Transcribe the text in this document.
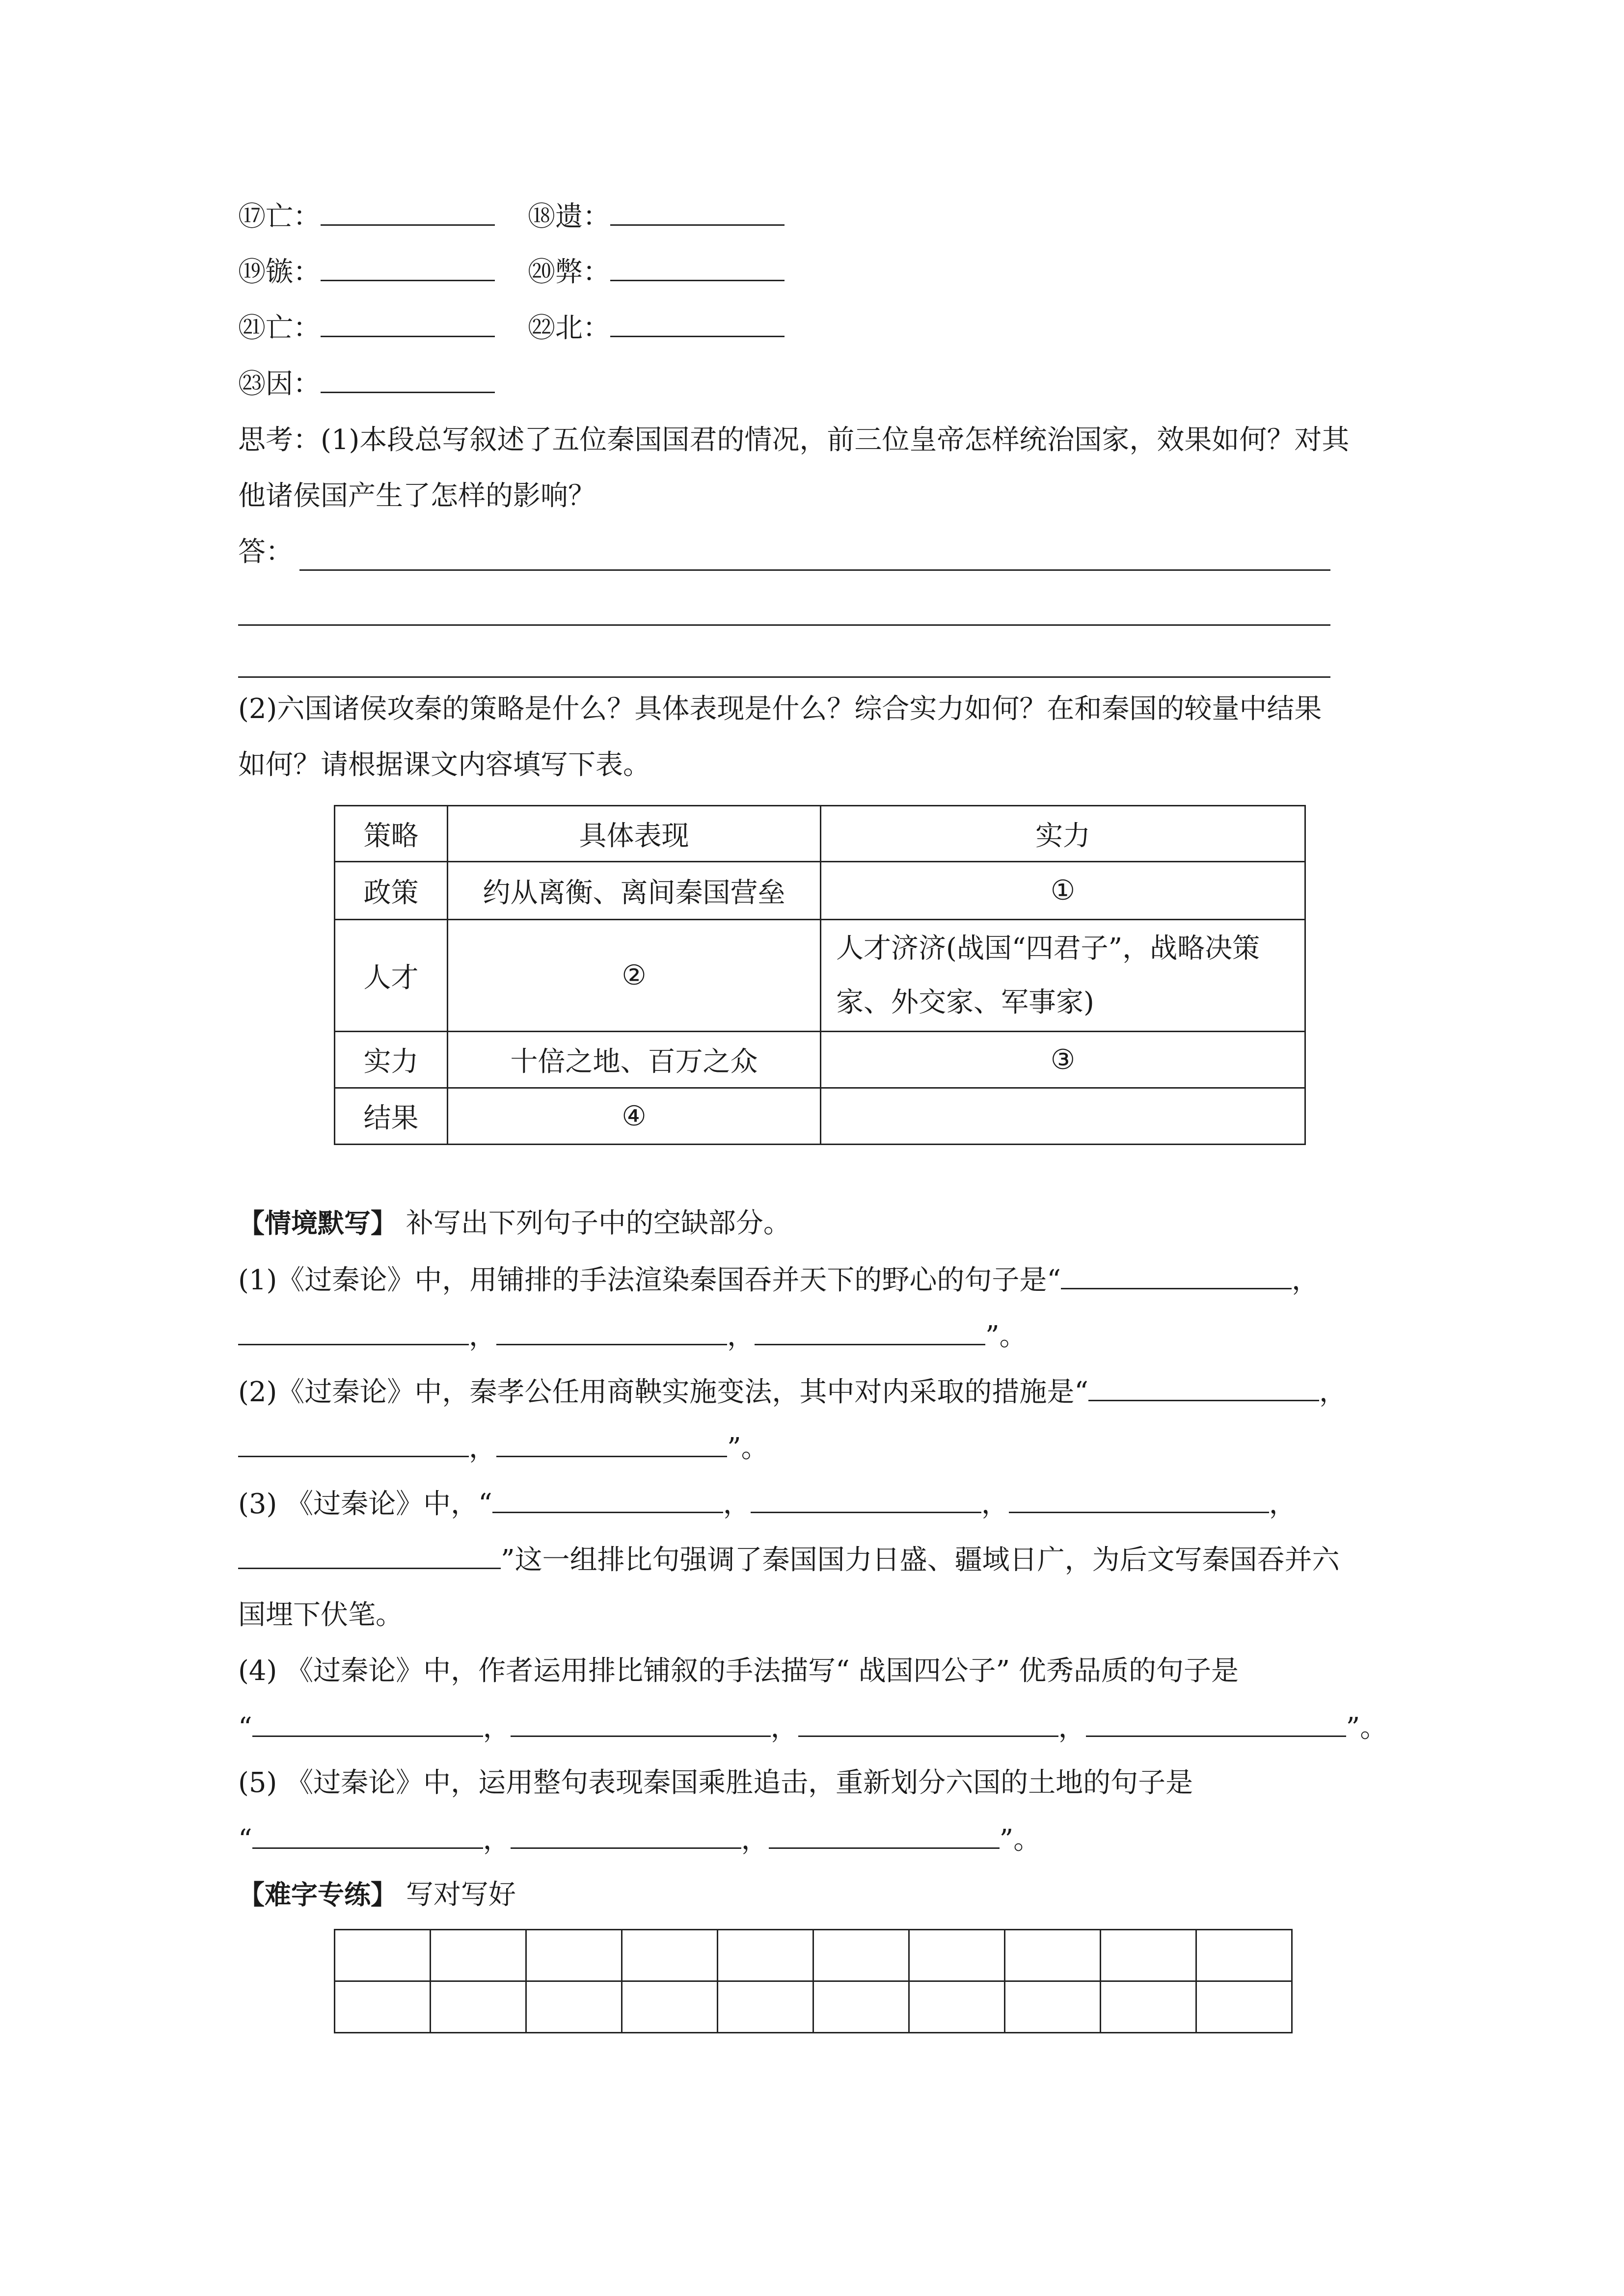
⑰亡：	⑱遗：
⑲镞：	⑳弊：
㉑亡：	㉒北：
㉓因：
思考：(1)本段总写叙述了五位秦国国君的情况，前三位皇帝怎样统治国家，效果如何？对其
他诸侯国产生了怎样的影响？
答：
(2)六国诸侯攻秦的策略是什么？具体表现是什么？综合实力如何？在和秦国的较量中结果
如何？请根据课文内容填写下表。
策略	具体表现	实力
政策	约从离衡、离间秦国营垒	①
人才	②	人才济济(战国“四君子”，战略决策家、外交家、军事家)
实力	十倍之地、百万之众	③
结果	④	
【情境默写】 补写出下列句子中的空缺部分。
(1)《过秦论》中，用铺排的手法渲染秦国吞并天下的野心的句子是“	，
，	，	”。
(2)《过秦论》中，秦孝公任用商鞅实施变法，其中对内采取的措施是“	，
，	”。
(3) 《过秦论》中，“	，	，	，
”这一组排比句强调了秦国国力日盛、疆域日广，为后文写秦国吞并六
国埋下伏笔。
(4) 《过秦论》中，作者运用排比铺叙的手法描写“ 战国四公子” 优秀品质的句子是
“	，	，	，	”。
(5) 《过秦论》中，运用整句表现秦国乘胜追击，重新划分六国的土地的句子是
“	，	，	”。
【难字专练】 写对写好
